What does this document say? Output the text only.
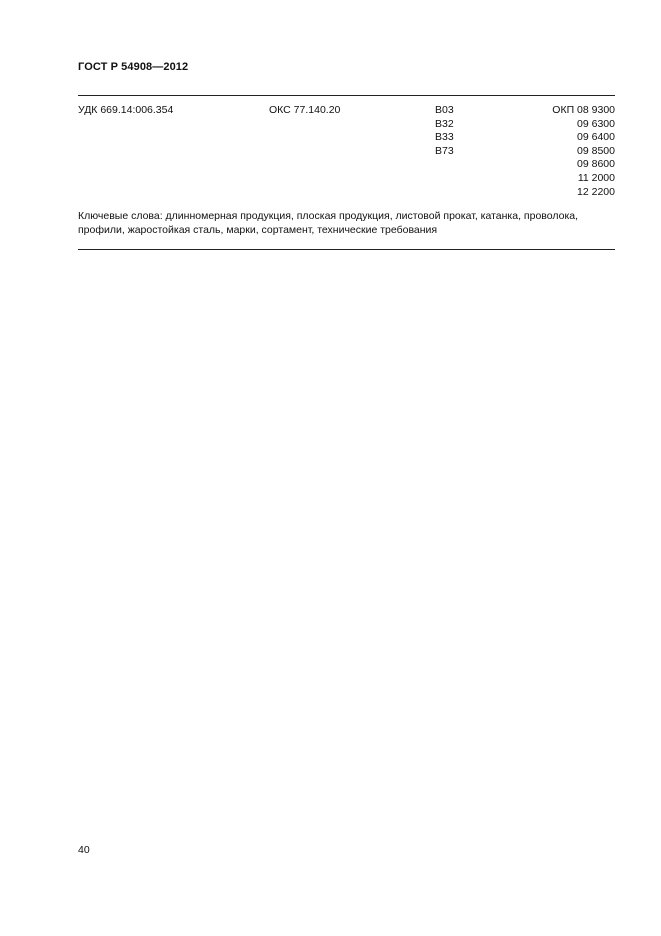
ГОСТ Р 54908—2012
УДК 669.14:006.354	ОКС 77.140.20	В03
В32
В33
В73
ОКП 08 9300
09 6300
09 6400
09 8500
09 8600
11 2000
12 2200
Ключевые слова: длинномерная продукция, плоская продукция, листовой прокат, катанка, проволока, профили, жаростойкая сталь, марки, сортамент, технические требования
40
